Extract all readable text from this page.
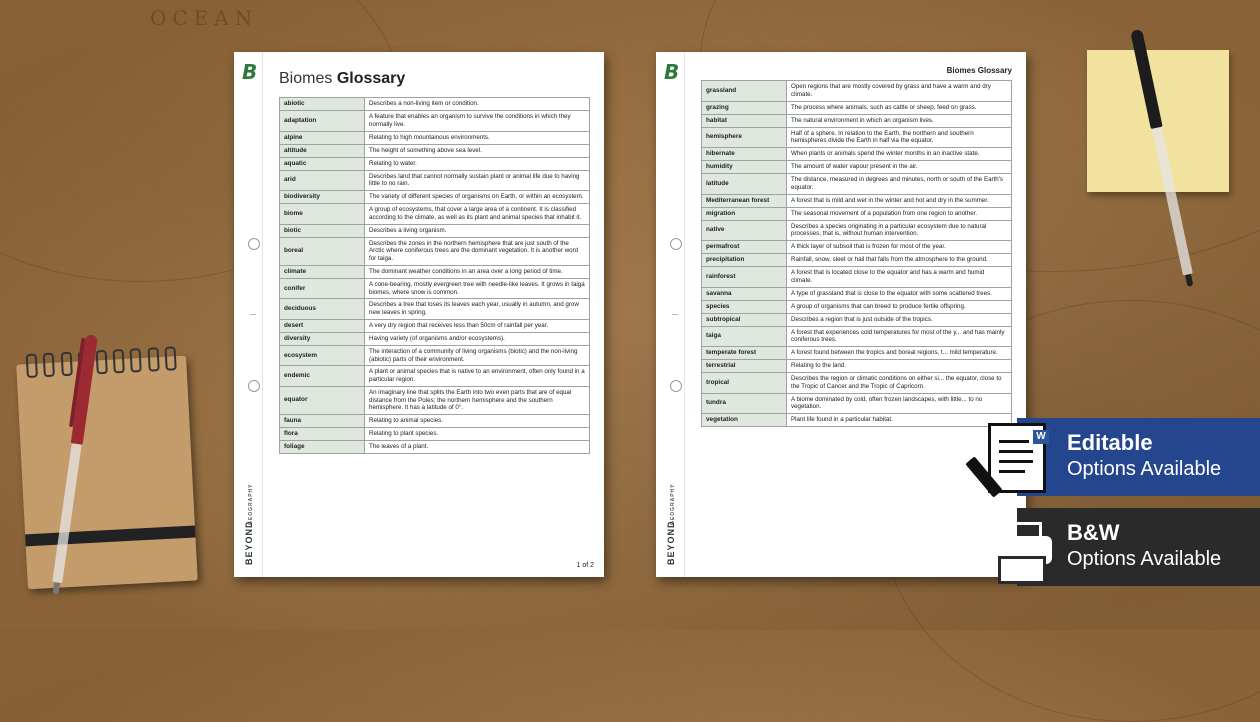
OCEAN
B
BEYOND
GEOGRAPHY
Biomes Glossary
abiotic	Describes a non-living item or condition.
adaptation	A feature that enables an organism to survive the conditions in which they normally live.
alpine	Relating to high mountainous environments.
altitude	The height of something above sea level.
aquatic	Relating to water.
arid	Describes land that cannot normally sustain plant or animal life due to having little to no rain.
biodiversity	The variety of different species of organisms on Earth, or within an ecosystem.
biome	A group of ecosystems, that cover a large area of a continent. It is classified according to the climate, as well as its plant and animal species that inhabit it.
biotic	Describes a living organism.
boreal	Describes the zones in the northern hemisphere that are just south of the Arctic where coniferous trees are the dominant vegetation. It is another word for taiga.
climate	The dominant weather conditions in an area over a long period of time.
conifer	A cone-bearing, mostly evergreen tree with needle-like leaves. It grows in taiga biomes, where snow is common.
deciduous	Describes a tree that loses its leaves each year, usually in autumn, and grow new leaves in spring.
desert	A very dry region that receives less than 50cm of rainfall per year.
diversity	Having variety (of organisms and/or ecosystems).
ecosystem	The interaction of a community of living organisms (biotic) and the non-living (abiotic) parts of their environment.
endemic	A plant or animal species that is native to an environment, often only found in a particular region.
equator	An imaginary line that splits the Earth into two even parts that are of equal distance from the Poles; the northern hemisphere and the southern hemisphere. It has a latitude of 0°.
fauna	Relating to animal species.
flora	Relating to plant species.
foliage	The leaves of a plant.
1 of 2
B
BEYOND
GEOGRAPHY
Biomes Glossary
grassland	Open regions that are mostly covered by grass and have a warm and dry climate.
grazing	The process where animals, such as cattle or sheep, feed on grass.
habitat	The natural environment in which an organism lives.
hemisphere	Half of a sphere. In relation to the Earth, the northern and southern hemispheres divide the Earth in half via the equator.
hibernate	When plants or animals spend the winter months in an inactive state.
humidity	The amount of water vapour present in the air.
latitude	The distance, measured in degrees and minutes, north or south of the Earth's equator.
Mediterranean forest	A forest that is mild and wet in the winter and hot and dry in the summer.
migration	The seasonal movement of a population from one region to another.
native	Describes a species originating in a particular ecosystem due to natural processes, that is, without human intervention.
permafrost	A thick layer of subsoil that is frozen for most of the year.
precipitation	Rainfall, snow, sleet or hail that falls from the atmosphere to the ground.
rainforest	A forest that is located close to the equator and has a warm and humid climate.
savanna	A type of grassland that is close to the equator with some scattered trees.
species	A group of organisms that can breed to produce fertile offspring.
subtropical	Describes a region that is just outside of the tropics.
taiga	A forest that experiences cold temperatures for most of the y... and has mainly coniferous trees.
temperate forest	A forest found between the tropics and boreal regions, t... mild temperature.
terrestrial	Relating to the land.
tropical	Describes the region or climatic conditions on either si... the equator, close to the Tropic of Cancer and the Tropic of Capricorn.
tundra	A biome dominated by cold, often frozen landscapes, with little... to no vegetation.
vegetation	Plant life found in a particular habitat.
Editable
Options Available
W
B&W
Options Available
